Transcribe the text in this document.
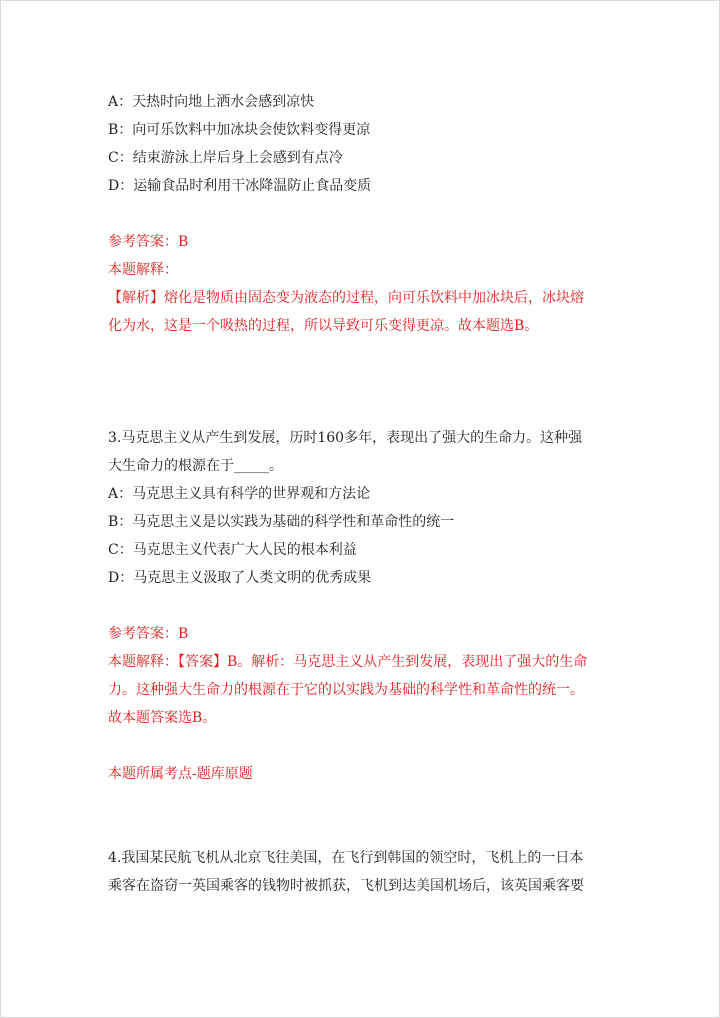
A：天热时向地上洒水会感到凉快
B：向可乐饮料中加冰块会使饮料变得更凉
C：结束游泳上岸后身上会感到有点冷
D：运输食品时利用干冰降温防止食品变质
参考答案：B
本题解释：
【解析】熔化是物质由固态变为液态的过程，向可乐饮料中加冰块后，冰块熔
化为水，这是一个吸热的过程，所以导致可乐变得更凉。故本题选B。
3.马克思主义从产生到发展，历时160多年，表现出了强大的生命力。这种强
大生命力的根源在于_____。
A：马克思主义具有科学的世界观和方法论
B：马克思主义是以实践为基础的科学性和革命性的统一
C：马克思主义代表广大人民的根本利益
D：马克思主义汲取了人类文明的优秀成果
参考答案：B
本题解释：【答案】B。解析：马克思主义从产生到发展，表现出了强大的生命
力。这种强大生命力的根源在于它的以实践为基础的科学性和革命性的统一。
故本题答案选B。
本题所属考点-题库原题
4.我国某民航飞机从北京飞往美国，在飞行到韩国的领空时，飞机上的一日本
乘客在盗窃一英国乘客的钱物时被抓获，飞机到达美国机场后，该英国乘客要
